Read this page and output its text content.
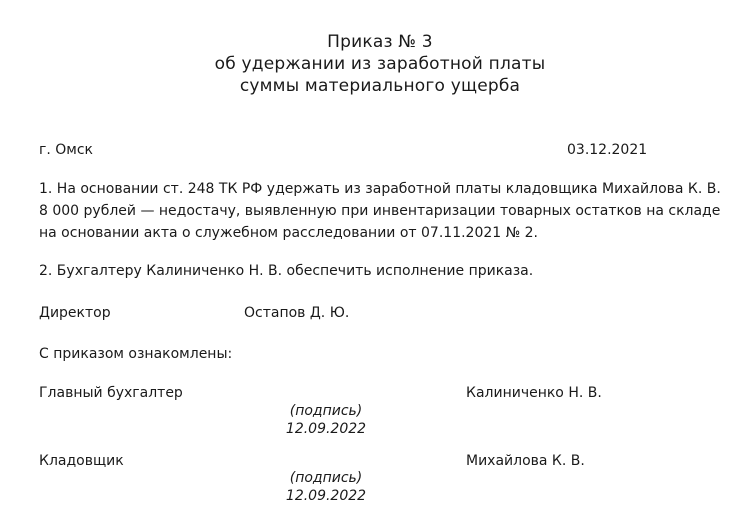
Приказ № 3
об удержании из заработной платы
суммы материального ущерба
г. Омск	03.12.2021
1. На основании ст. 248 ТК РФ удержать из заработной платы кладовщика Михайлова К. В. 8 000 рублей — недостачу, выявленную при инвентаризации товарных остатков на складе на основании акта о служебном расследовании от 07.11.2021 № 2.
2. Бухгалтеру Калиниченко Н. В. обеспечить исполнение приказа.
Директор	Остапов Д. Ю.
С приказом ознакомлены:
Главный бухгалтер
(подпись)
12.09.2022
Калиниченко Н. В.
Кладовщик
(подпись)
12.09.2022
Михайлова К. В.
